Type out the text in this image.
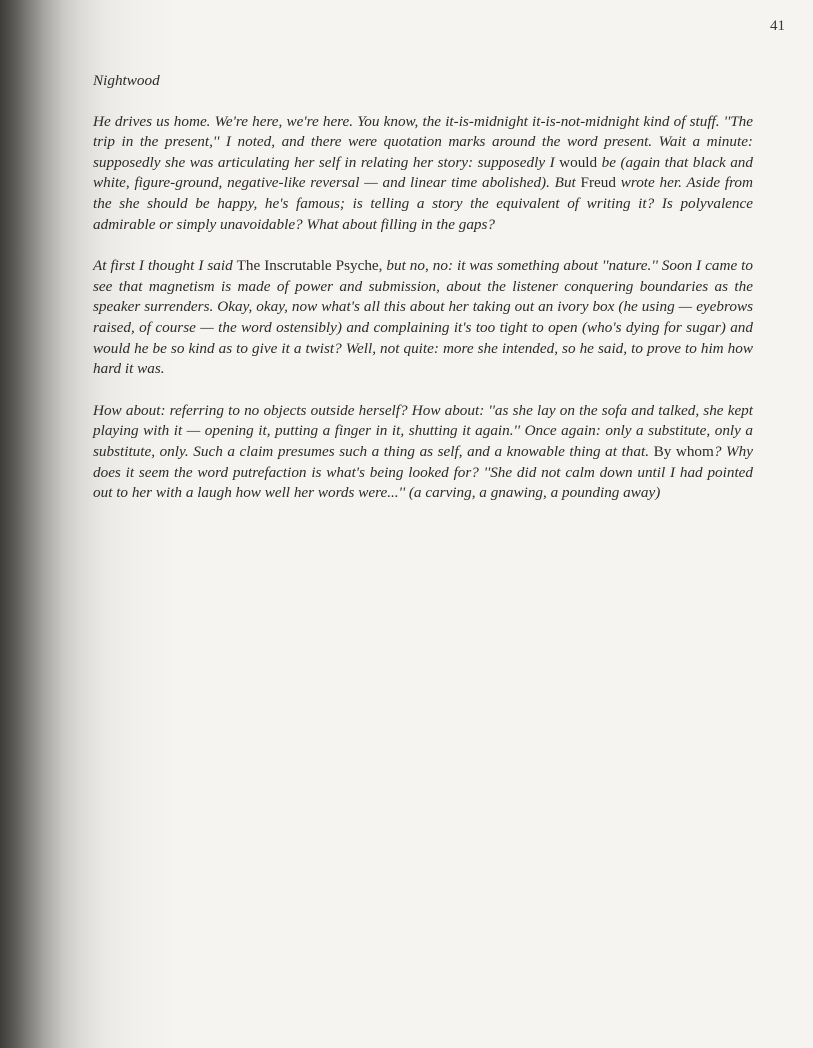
41
Nightwood

He drives us home. We're here, we're here. You know, the it-is-midnight it-is-not-midnight kind of stuff. ''The trip in the present,'' I noted, and there were quotation marks around the word present. Wait a minute: supposedly she was articulating her self in relating her story: supposedly I would be (again that black and white, figure-ground, negative-like reversal — and linear time abolished). But Freud wrote her. Aside from the she should be happy, he's famous; is telling a story the equivalent of writing it? Is polyvalence admirable or simply unavoidable? What about filling in the gaps?

At first I thought I said The Inscrutable Psyche, but no, no: it was something about ''nature.'' Soon I came to see that magnetism is made of power and submission, about the listener conquering boundaries as the speaker surrenders. Okay, okay, now what's all this about her taking out an ivory box (he using — eyebrows raised, of course — the word ostensibly) and complaining it's too tight to open (who's dying for sugar) and would he be so kind as to give it a twist? Well, not quite: more she intended, so he said, to prove to him how hard it was.

How about: referring to no objects outside herself? How about: ''as she lay on the sofa and talked, she kept playing with it — opening it, putting a finger in it, shutting it again.'' Once again: only a substitute, only a substitute, only. Such a claim presumes such a thing as self, and a knowable thing at that. By whom? Why does it seem the word putrefaction is what's being looked for? ''She did not calm down until I had pointed out to her with a laugh how well her words were...'' (a carving, a gnawing, a pounding away)
